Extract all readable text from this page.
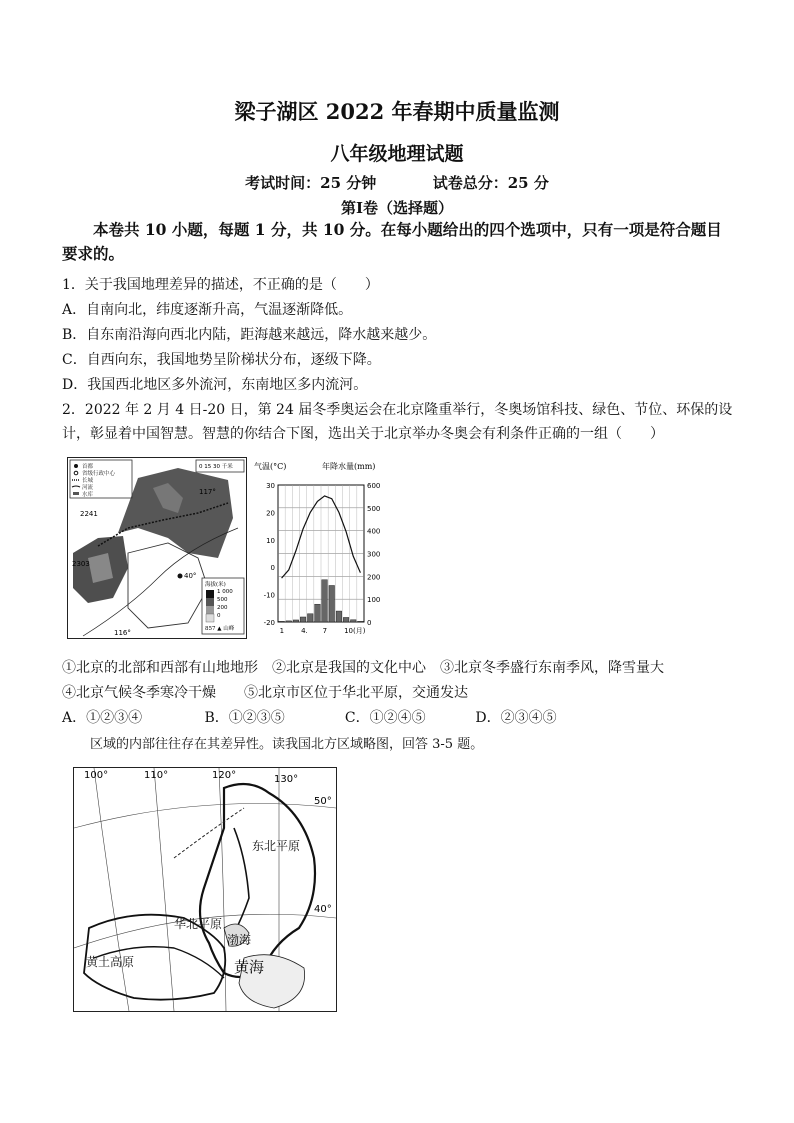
梁子湖区 2022 年春期中质量监测
八年级地理试题
考试时间：25 分钟	试卷总分：25 分
第Ⅰ卷（选择题）
本卷共 10 小题，每题 1 分，共 10 分。在每小题给出的四个选项中，只有一项是符合题目要求的。
1．关于我国地理差异的描述，不正确的是（　　）
A．自南向北，纬度逐渐升高，气温逐渐降低。
B．自东南沿海向西北内陆，距海越来越远，降水越来越少。
C．自西向东，我国地势呈阶梯状分布，逐级下降。
D．我国西北地区多外流河，东南地区多内流河。
2．2022 年 2 月 4 日-20 日，第 24 届冬季奥运会在北京隆重举行，冬奥场馆科技、绿色、节位、环保的设计，彰显着中国智慧。智慧的你结合下图，选出关于北京举办冬奥会有利条件正确的一组（　　）
首都
省级行政中心
长城
河流
水库
0 15 30 千米
2241
2303
117°
116°
40°
海拔(米)
1 000
500
200
0
857 ▲ 山峰
气温(°C)	年降水量(mm)
30
20
10
0
-10
-20
600
500
400
300
200
100
0
1 4. 7 10(月)
①北京的北部和西部有山地地形　②北京是我国的文化中心　③北京冬季盛行东南季风，降雪量大
④北京气候冬季寒冷干燥　　⑤北京市区位于华北平原，交通发达
A．①②③④	B．①②③⑤	C．①②④⑤	D．②③④⑤
区域的内部往往存在其差异性。读我国北方区域略图，回答 3-5 题。
100°	110°	120°	130°
50°
40°
东北平原
华北平原
黄土高原
渤海
黄海
